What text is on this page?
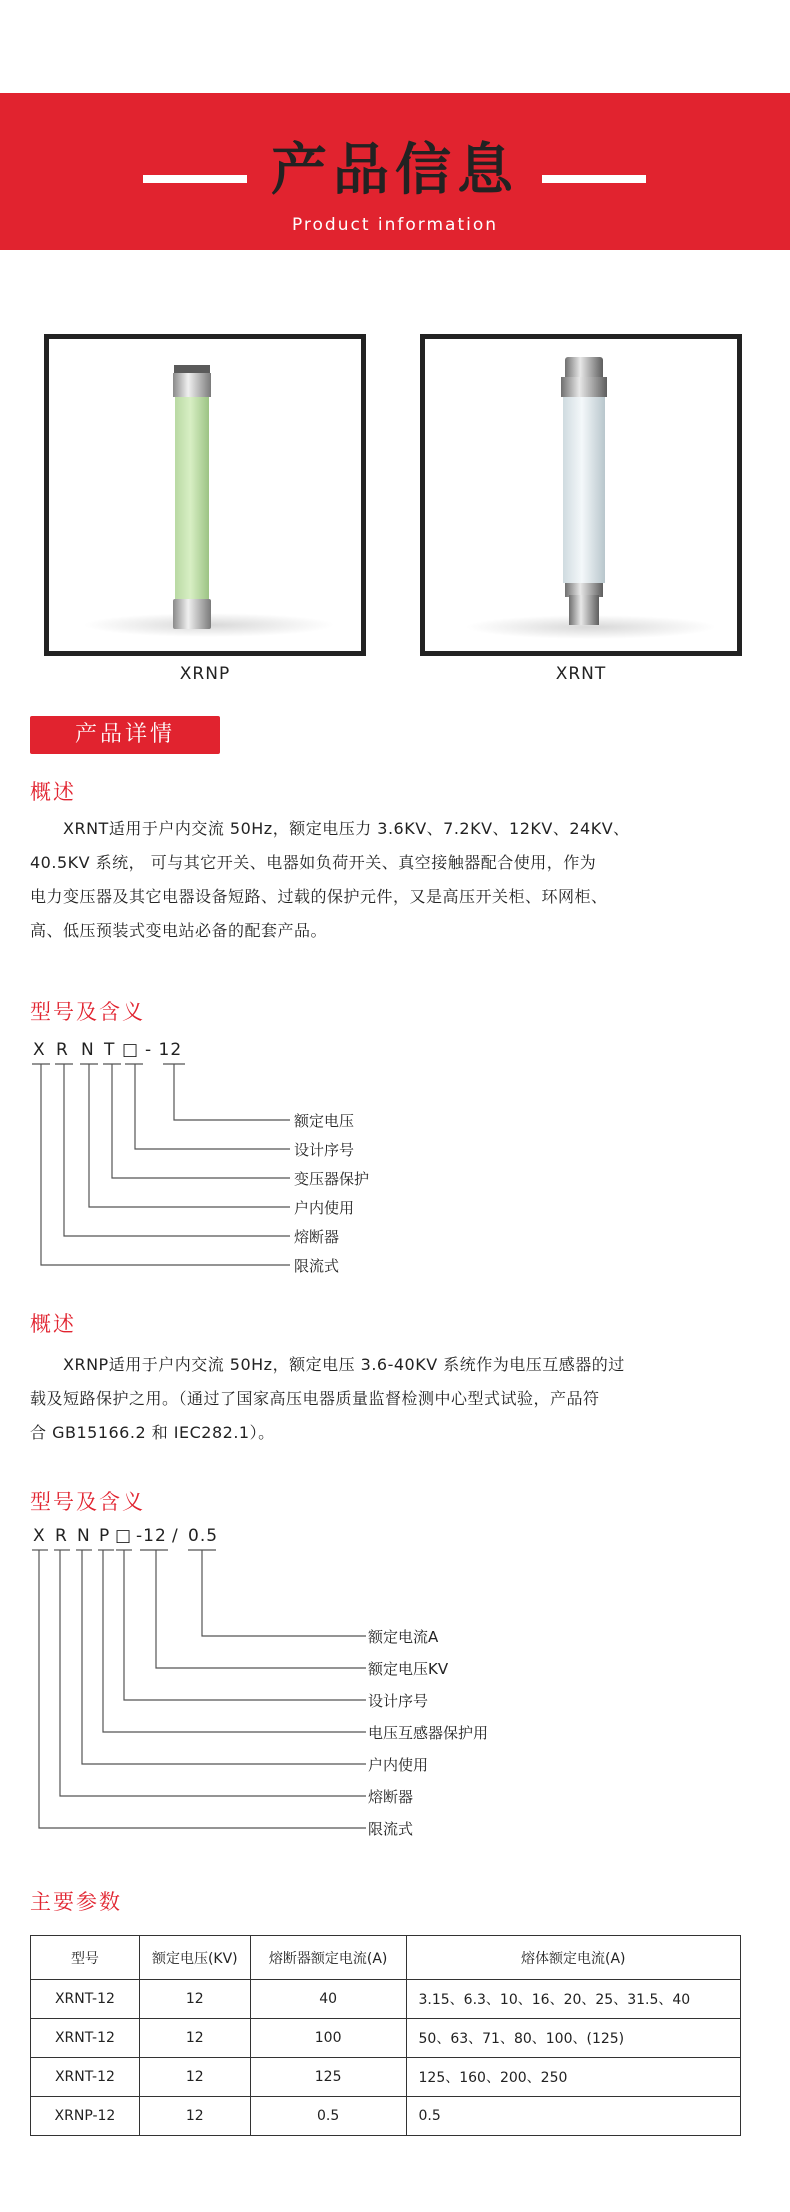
产品信息
Product information
XRNP	XRNT
产品详情
概述
　　XRNT适用于户内交流 50Hz，额定电压力 3.6KV、7.2KV、12KV、24KV、
40.5KV 系统， 可与其它开关、电器如负荷开关、真空接触器配合使用，作为
电力变压器及其它电器设备短路、过载的保护元件，又是高压开关柜、环网柜、
高、低压预装式变电站必备的配套产品。
型号及含义
X R N T □ - 12
额定电压
设计序号
变压器保护
户内使用
熔断器
限流式
概述
　　XRNP适用于户内交流 50Hz，额定电压 3.6-40KV 系统作为电压互感器的过
载及短路保护之用。（通过了国家高压电器质量监督检测中心型式试验，产品符
合 GB15166.2 和 IEC282.1）。
型号及含义
X R N P □ -12 / 0.5
额定电流A
额定电压KV
设计序号
电压互感器保护用
户内使用
熔断器
限流式
主要参数
型号	额定电压(KV)	熔断器额定电流(A)	熔体额定电流(A)
XRNT-12	12	40	3.15、6.3、10、16、20、25、31.5、40
XRNT-12	12	100	50、63、71、80、100、(125)
XRNT-12	12	125	125、160、200、250
XRNP-12	12	0.5	0.5
